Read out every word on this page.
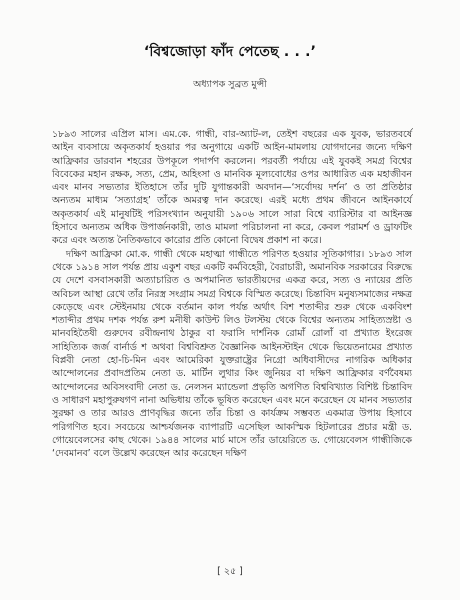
‘বিশ্বজোড়া ফাঁদ পেতেছ . . .’
অধ্যাপক সুব্রত মুন্সী

১৮৯৩ সালের এপ্রিল মাস। এম.কে. গান্ধী, বার-অ্যাট-ল, তেইশ বছরের এক যুবক, ভারতবর্ষে আইন ব্যবসায়ে অকৃতকার্য হওয়ার পর অনুগায়ে একটি আইন-মামলায় যোগদানের জন্যে দক্ষিণ আফ্রিকার ডারবান শহরের উপকূলে পদার্পণ করলেন। পরবর্তী পর্যায়ে এই যুবকই সমগ্র বিশ্বের বিবেকের মহান রক্ষক, সত্য, প্রেম, অহিংসা ও মানবিক মূল্যবোধের ওপর আধারিত এক মহাজীবন এবং মানব সভ্যতার ইতিহাসে তাঁর দুটি যুগান্তকারী অবদান—‘সর্বোদয় দর্শন’ ও তা প্রতিষ্ঠার অন্যতম মাধ্যম ‘সত্যাগ্রহ’ তাঁকে অমরত্ব দান করেছে। এরই মধ্যে প্রথম জীবনে আইনকার্যে অকৃতকার্য এই মানুষটিই পরিসংখ্যান অনুযায়ী ১৯০৬ সালে সারা বিশ্বে ব্যারিস্টার বা আইনজ্ঞ হিসাবে অন্যতম অধিক উপার্জনকারী, তাও মামলা পরিচালনা না করে, কেবল পরামর্শ ও ড্রাফটিং করে এবং অত্যন্ত নৈতিকভাবে কারোর প্রতি কোনো বিদ্বেষ প্রকাশ না করে।

দক্ষিণ আফ্রিকা মো.ক. গান্ধী থেকে মহাত্মা গান্ধীতে পরিণত হওয়ার সূতিকাগার। ১৮৯৩ সাল থেকে ১৯১৪ সাল পর্যন্ত প্রায় একুশ বছর একটি কর্মবিহেরী, বৈরাচারী, অমানবিক সরকারের বিরুদ্ধে যে দেশে বসবাসকারী অত্যাচারিত ও অপমানিত ভারতীয়দের একত্র করে, সত্য ও ন্যায়ের প্রতি অবিচল আস্থা রেখে তাঁর নিরস্ত্র সংগ্রাম সমগ্র বিশ্বকে বিস্মিত করেছে। চিন্তাবিদ মনুষ্যসমাজের নক্ষত্র কেড়েছে এবং স্টেইনমায় থেকে বর্তমান কাল পর্যন্ত অর্থাৎ বিশ শতাব্দীর শুরু থেকে একবিংশ শতাব্দীর প্রথম দশক পর্যন্ত রুশ মনীষী কাউন্ট লিও টলস্টয় থেকে বিশ্বের অন্যতম সাহিত্যস্রষ্টা ও মানবহিতৈষী গুরুদেব রবীন্দ্রনাথ ঠাকুর বা ফরাসি দার্শনিক রোমাঁ রোলাঁ বা প্রখ্যাত ইংরেজ সাহিত্যিক জর্জ বার্নার্ড শ অথবা বিশ্ববিশ্রুত বৈজ্ঞানিক আইনস্টাইন থেকে ভিয়েতনামের প্রখ্যাত বিপ্লবী নেতা হো-চি-মিন এবং আমেরিকা যুক্তরাষ্ট্রের নিগ্রো অধিবাসীদের নাগরিক অধিকার আন্দোলনের প্রবাদপ্রতিম নেতা ড. মার্টিন লুথার কিং জুনিয়র বা দক্ষিণ আফ্রিকার বর্ণবৈষম্য আন্দোলনের অবিসংবাদী নেতা ড. নেলসন ম্যান্ডেলা প্রভৃতি অগণিত বিশ্ববিখ্যাত বিশিষ্ট চিন্তাবিদ ও সাধারণ মহাপুরুষগণ নানা অভিধায় তাঁকে ভূষিত করেছেন এবং মনে করেছেন যে মানব সভ্যতার সুরক্ষা ও তার আরও প্রাণবৃদ্ধির জন্যে তাঁর চিন্তা ও কার্যক্রম সম্ভবত একমাত্র উপায় হিসাবে পরিগণিত হবে। সবচেয়ে আশ্চর্যজনক ব্যাপারটি এসেছিল আকস্মিক হিটলারের প্রচার মন্ত্রী ড. গোয়েবেলসের কাছ থেকে। ১৯৪৪ সালের মার্চ মাসে তাঁর ডায়েরিতে ড. গোয়েবেলস গান্ধীজিকে ‘দেবমানব’ বলে উল্লেখ করেছেন আর করেছেন দক্ষিণ

[ ২৫ ]
